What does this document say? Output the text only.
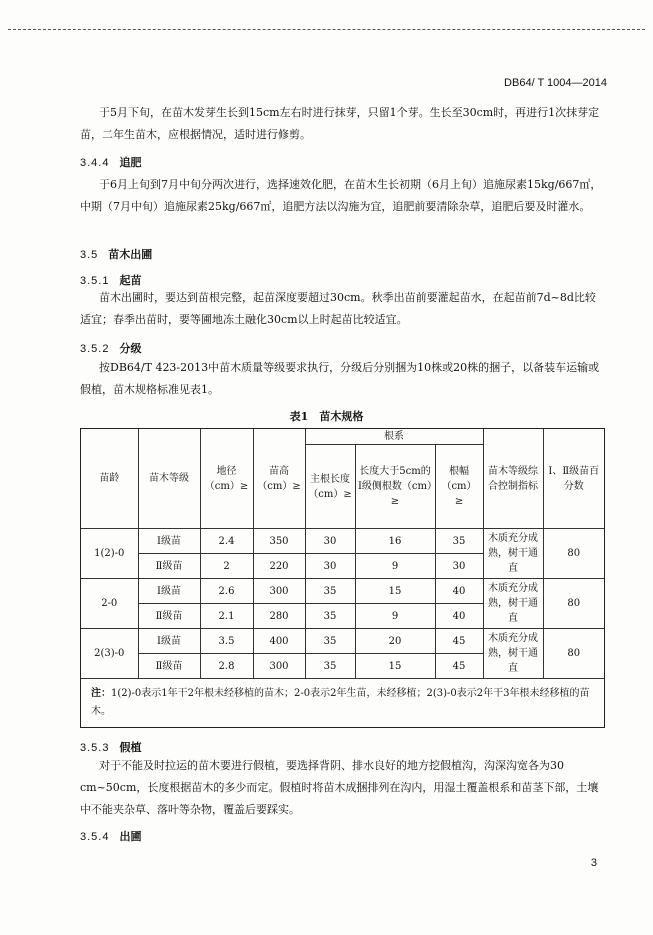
DB64/ T 1004—2014
于5月下旬，在苗木发芽生长到15cm左右时进行抹芽，只留1个芽。生长至30cm时，再进行1次抹芽定苗，二年生苗木，应根据情况，适时进行修剪。
3.4.4 追肥
于6月上旬到7月中旬分两次进行，选择速效化肥，在苗木生长初期（6月上旬）追施尿素15kg/667㎡，中期（7月中旬）追施尿素25kg/667㎡，追肥方法以沟施为宜，追肥前要清除杂草，追肥后要及时灌水。
3.5 苗木出圃
3.5.1 起苗
苗木出圃时，要达到苗根完整，起苗深度要超过30cm。秋季出苗前要灌起苗水，在起苗前7d~8d比较适宜；春季出苗时，要等圃地冻土融化30cm以上时起苗比较适宜。
3.5.2 分级
按DB64/T 423-2013中苗木质量等级要求执行，分级后分别捆为10株或20株的捆子，以备装车运输或假植，苗木规格标准见表1。
表1　苗木规格
苗龄	苗木等级	地径（cm）≥	苗高（cm）≥	根系			苗木等级综合控制指标	Ⅰ、Ⅱ级苗百分数
				主根长度（cm）≥	长度大于5cm的Ⅰ级侧根数（cm）≥	根幅（cm）≥		
1(2)-0	Ⅰ级苗	2.4	350	30	16	35	木质充分成熟，树干通直	80
	Ⅱ级苗	2	220	30	9	30		
2-0	Ⅰ级苗	2.6	300	35	15	40	木质充分成熟，树干通直	80
	Ⅱ级苗	2.1	280	35	9	40		
2(3)-0	Ⅰ级苗	3.5	400	35	20	45	木质充分成熟，树干通直	80
	Ⅱ级苗	2.8	300	35	15	45		
注：1(2)-0表示1年干2年根未经移植的苗木；2-0表示2年生苗，未经移植；2(3)-0表示2年干3年根未经移植的苗木。
3.5.3 假植
对于不能及时拉运的苗木要进行假植，要选择背阴、排水良好的地方挖假植沟，沟深沟宽各为30 cm~50cm，长度根据苗木的多少而定。假植时将苗木成捆排列在沟内，用湿土覆盖根系和苗茎下部，土壤中不能夹杂草、落叶等杂物，覆盖后要踩实。
3.5.4 出圃
3
